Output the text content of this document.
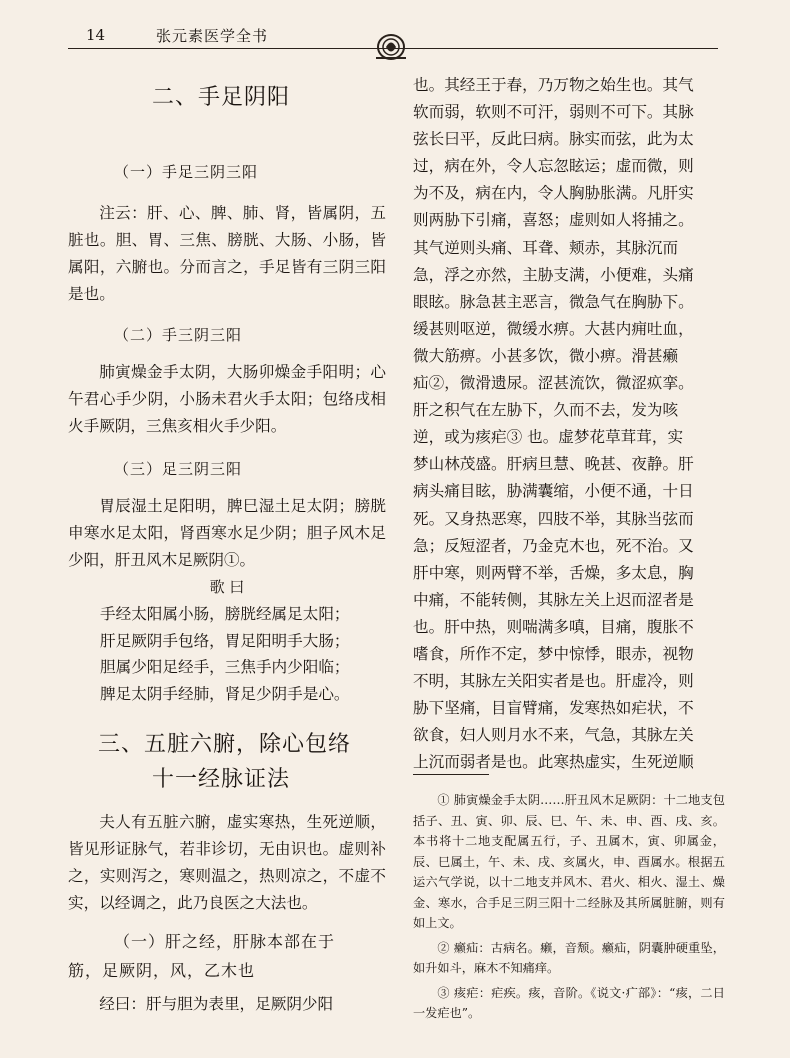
14	张元素医学全书
二、手足阴阳

（一）手足三阴三阳

注云：肝、心、脾、肺、肾，皆属阴，五脏也。胆、胃、三焦、膀胱、大肠、小肠，皆属阳，六腑也。分而言之，手足皆有三阴三阳是也。

（二）手三阴三阳

肺寅燥金手太阴，大肠卯燥金手阳明；心午君心手少阴，小肠未君火手太阳；包络戌相火手厥阴，三焦亥相火手少阳。

（三）足三阴三阳

胃辰湿土足阳明，脾巳湿土足太阴；膀胱申寒水足太阳，肾酉寒水足少阴；胆子风木足少阳，肝丑风木足厥阴①。

歌 曰

手经太阳属小肠，膀胱经属足太阳；

肝足厥阴手包络，胃足阳明手大肠；

胆属少阳足经手，三焦手内少阳临；

脾足太阴手经肺，肾足少阴手是心。

三、五脏六腑，除心包络
十一经脉证法

夫人有五脏六腑，虚实寒热，生死逆顺，皆见形证脉气，若非诊切，无由识也。虚则补之，实则泻之，寒则温之，热则凉之，不虚不实，以经调之，此乃良医之大法也。

（一）肝之经，肝脉本部在于

筋，足厥阴，风，乙木也

经曰：肝与胆为表里，足厥阴少阳

也。其经王于春，乃万物之始生也。其气

软而弱，软则不可汗，弱则不可下。其脉

弦长曰平，反此曰病。脉实而弦，此为太

过，病在外，令人忘忽眩运；虚而微，则

为不及，病在内，令人胸胁胀满。凡肝实

则两胁下引痛，喜怒；虚则如人将捕之。

其气逆则头痛、耳聋、颊赤，其脉沉而

急，浮之亦然，主胁支满，小便难，头痛

眼眩。脉急甚主恶言，微急气在胸胁下。

缓甚则呕逆，微缓水痹。大甚内痈吐血，

微大筋痹。小甚多饮，微小痹。滑甚癞

疝②，微滑遗尿。涩甚流饮，微涩疭挛。

肝之积气在左胁下，久而不去，发为咳

逆，或为痎疟③ 也。虚梦花草茸茸，实

梦山林茂盛。肝病旦慧、晚甚、夜静。肝

病头痛目眩，胁满囊缩，小便不通，十日

死。又身热恶寒，四肢不举，其脉当弦而

急；反短涩者，乃金克木也，死不治。又

肝中寒，则两臂不举，舌燥，多太息，胸

中痛，不能转侧，其脉左关上迟而涩者是

也。肝中热，则喘满多嗔，目痛，腹胀不

嗜食，所作不定，梦中惊悸，眼赤，视物

不明，其脉左关阳实者是也。肝虚冷，则

胁下坚痛，目盲臂痛，发寒热如疟状，不

欲食，妇人则月水不来，气急，其脉左关

上沉而弱者是也。此寒热虚实，生死逆顺

① 肺寅燥金手太阴……肝丑风木足厥阴：十二地支包括子、丑、寅、卯、辰、巳、午、未、申、酉、戌、亥。本书将十二地支配属五行，子、丑属木，寅、卯属金，辰、巳属土，午、未、戌、亥属火，申、酉属水。根据五运六气学说，以十二地支并风木、君火、相火、湿土、燥金、寒水，合手足三阴三阳十二经脉及其所属脏腑，则有如上文。

② 癞疝：古病名。癞，音颓。癞疝，阴囊肿硬重坠，如升如斗，麻木不知痛痒。

③ 痎疟：疟疾。痎，音阶。《说文·疒部》：“痎，二日一发疟也”。
